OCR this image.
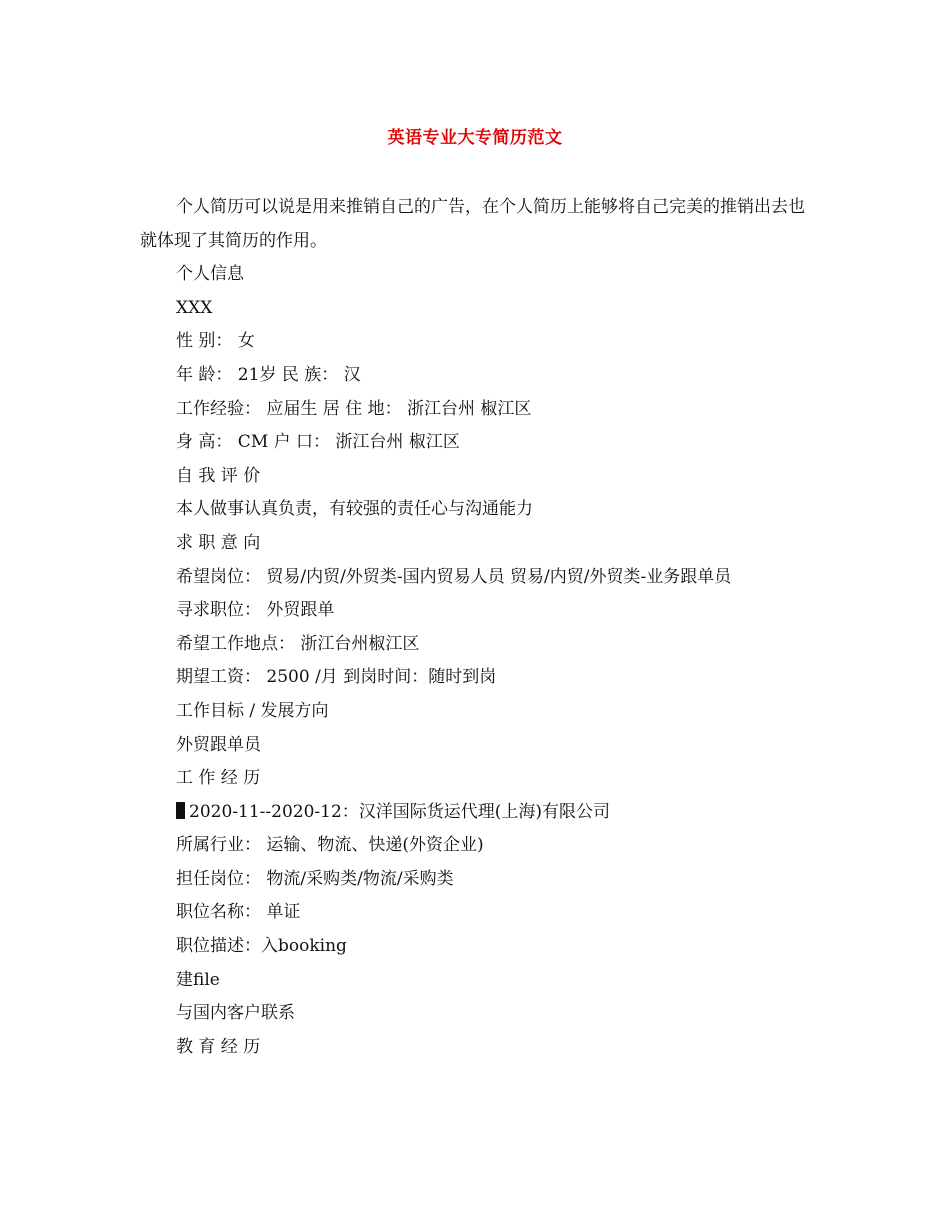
英语专业大专简历范文

个人简历可以说是用来推销自己的广告，在个人简历上能够将自己完美的推销出去也就体现了其简历的作用。

个人信息

XXX

性 别： 女

年 龄： 21岁 民 族： 汉

工作经验： 应届生 居 住 地： 浙江台州 椒江区

身 高： CM 户 口： 浙江台州 椒江区

自 我 评 价

本人做事认真负责，有较强的责任心与沟通能力

求 职 意 向

希望岗位： 贸易/内贸/外贸类-国内贸易人员 贸易/内贸/外贸类-业务跟单员

寻求职位： 外贸跟单

希望工作地点： 浙江台州椒江区

期望工资： 2500 /月 到岗时间：随时到岗

工作目标 / 发展方向

外贸跟单员

工 作 经 历

2020-11--2020-12：汉洋国际货运代理(上海)有限公司

所属行业： 运输、物流、快递(外资企业)

担任岗位： 物流/采购类/物流/采购类

职位名称： 单证

职位描述：入booking

建file

与国内客户联系

教 育 经 历
